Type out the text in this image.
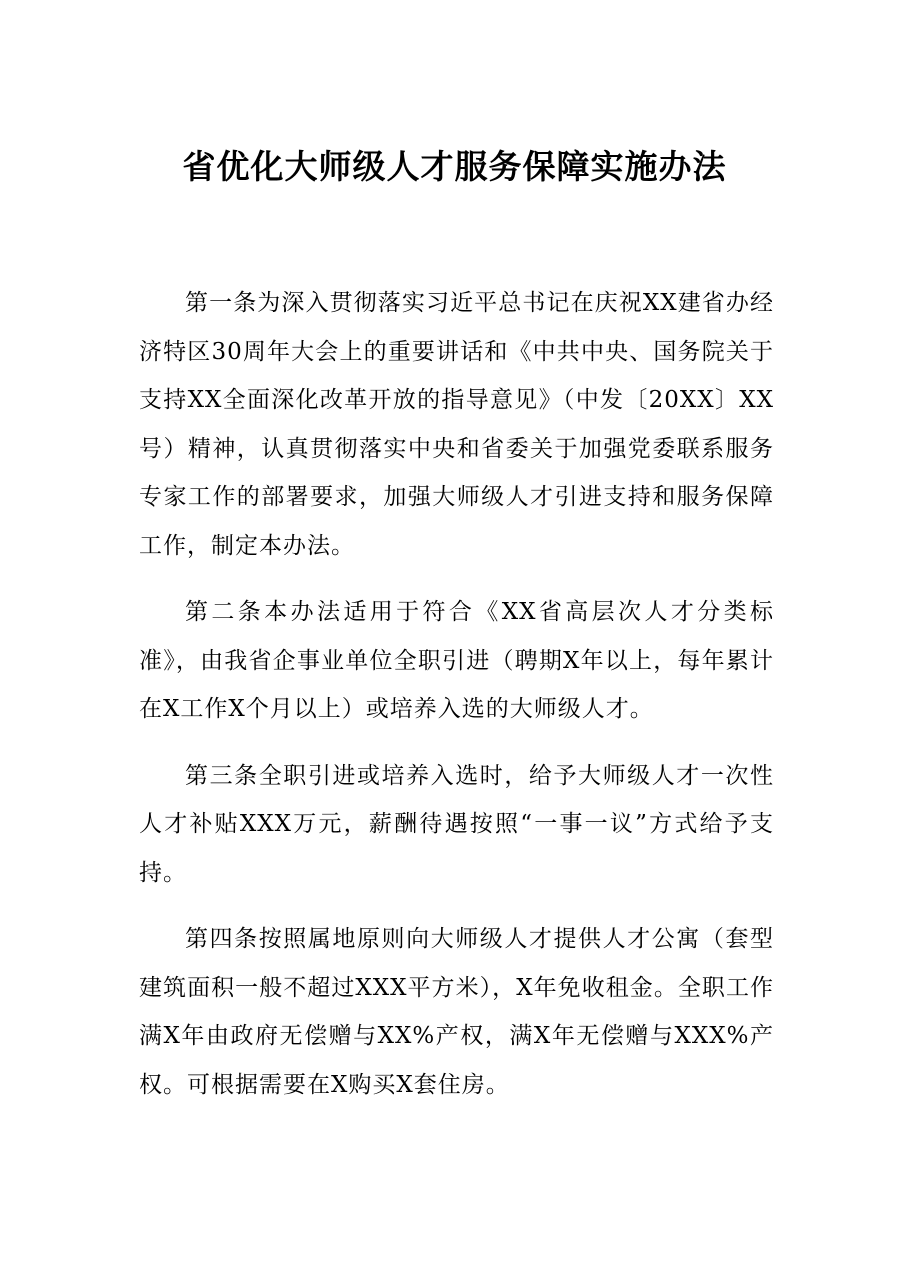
省优化大师级人才服务保障实施办法

第一条为深入贯彻落实习近平总书记在庆祝XX建省办经济特区30周年大会上的重要讲话和《中共中央、国务院关于支持XX全面深化改革开放的指导意见》（中发〔20XX〕XX号）精神，认真贯彻落实中央和省委关于加强党委联系服务专家工作的部署要求，加强大师级人才引进支持和服务保障工作，制定本办法。

第二条本办法适用于符合《XX省高层次人才分类标准》，由我省企事业单位全职引进（聘期X年以上，每年累计在X工作X个月以上）或培养入选的大师级人才。

第三条全职引进或培养入选时，给予大师级人才一次性人才补贴XXX万元，薪酬待遇按照“一事一议”方式给予支持。

第四条按照属地原则向大师级人才提供人才公寓（套型建筑面积一般不超过XXX平方米），X年免收租金。全职工作满X年由政府无偿赠与XX%产权，满X年无偿赠与XXX%产权。可根据需要在X购买X套住房。
